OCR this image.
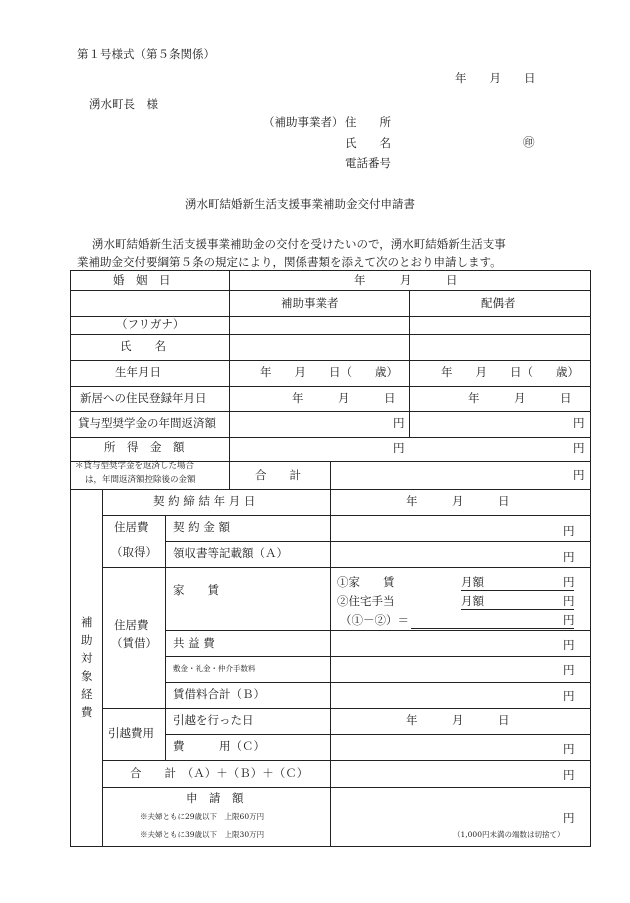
第１号様式（第５条関係）
年　　月　　日
湧水町長　様
（補助事業者） 住　　所
氏　　名	㊞
電話番号
湧水町結婚新生活支援事業補助金交付申請書
湧水町結婚新生活支援事業補助金の交付を受けたいので，湧水町結婚新生活支事
業補助金交付要綱第５条の規定により，関係書類を添えて次のとおり申請します。
婚　姻　日	年　　　月　　　日
補助事業者	配偶者
（フリガナ）
氏　　名
生年月日	年　　月　　日（　　歳）	年　　月　　日（　　歳）
新居への住民登録年月日	年　　　月　　　日	年　　　月　　　日
貸与型奨学金の年間返済額	円	円
所　得　金　額	円	円
＊貸与型奨学金を返済した場合
は，年間返済額控除後の金額	合　　計	円
補
助
対
象
経
費
契 約 締 結 年 月 日	年　　　月　　　日
住居費
（取得）
契 約 金 額	円
領収書等記載額（Ａ）	円
住居費
（賃借）
家　　賃
①家　　賃	月額	円
②住宅手当	月額	円
（①－②）＝	円
共 益 費	円
敷金・礼金・仲介手数料	円
賃借料合計（Ｂ）	円
引越費用
引越を行った日	年　　　月　　　日
費　　　用（Ｃ）	円
合　　計　（Ａ）＋（Ｂ）＋（Ｃ）	円
申　請　額
※夫婦ともに29歳以下　上限60万円
※夫婦ともに39歳以下　上限30万円
円
（1,000円未満の端数は切捨て）
